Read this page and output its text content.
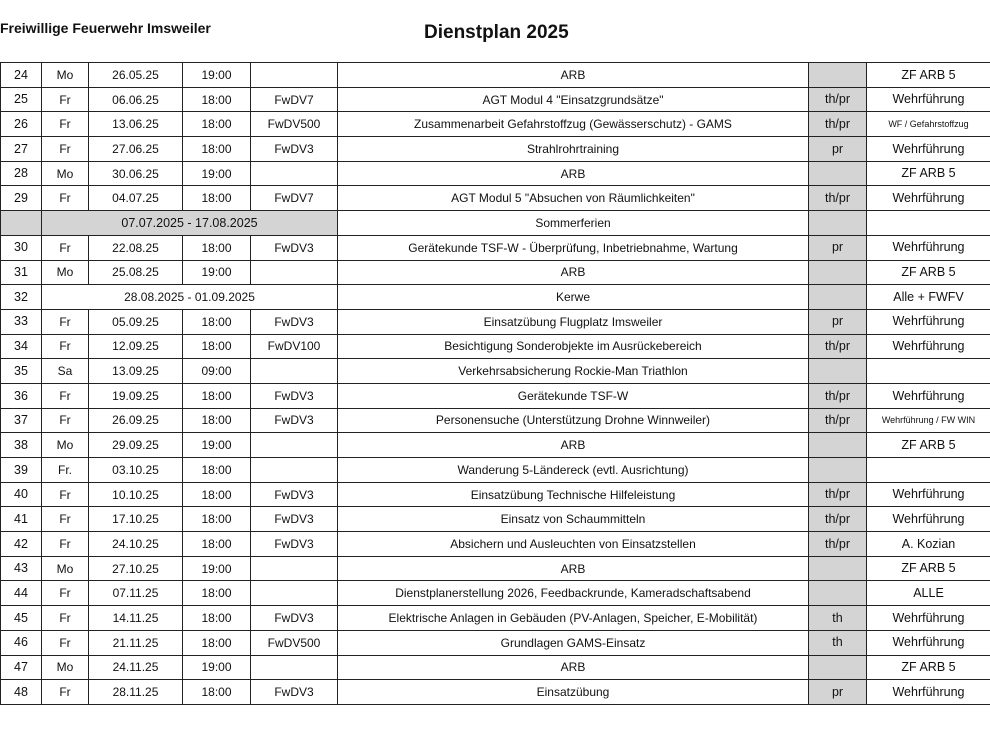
Freiwillige Feuerwehr Imsweiler	Dienstplan 2025
24	Mo	26.05.25	19:00		ARB		ZF ARB 5
25	Fr	06.06.25	18:00	FwDV7	AGT Modul 4 "Einsatzgrundsätze"	th/pr	Wehrführung
26	Fr	13.06.25	18:00	FwDV500	Zusammenarbeit Gefahrstoffzug (Gewässerschutz) - GAMS	th/pr	WF / Gefahrstoffzug
27	Fr	27.06.25	18:00	FwDV3	Strahlrohrtraining	pr	Wehrführung
28	Mo	30.06.25	19:00		ARB		ZF ARB 5
29	Fr	04.07.25	18:00	FwDV7	AGT Modul 5 "Absuchen von Räumlichkeiten"	th/pr	Wehrführung
	07.07.2025 - 17.08.2025				Sommerferien		
30	Fr	22.08.25	18:00	FwDV3	Gerätekunde TSF-W - Überprüfung, Inbetriebnahme, Wartung	pr	Wehrführung
31	Mo	25.08.25	19:00		ARB		ZF ARB 5
32	28.08.2025 - 01.09.2025				Kerwe		Alle + FWFV
33	Fr	05.09.25	18:00	FwDV3	Einsatzübung Flugplatz Imsweiler	pr	Wehrführung
34	Fr	12.09.25	18:00	FwDV100	Besichtigung Sonderobjekte im Ausrückebereich	th/pr	Wehrführung
35	Sa	13.09.25	09:00		Verkehrsabsicherung Rockie-Man Triathlon		
36	Fr	19.09.25	18:00	FwDV3	Gerätekunde TSF-W	th/pr	Wehrführung
37	Fr	26.09.25	18:00	FwDV3	Personensuche (Unterstützung Drohne Winnweiler)	th/pr	Wehrführung / FW WIN
38	Mo	29.09.25	19:00		ARB		ZF ARB 5
39	Fr.	03.10.25	18:00		Wanderung 5-Ländereck (evtl. Ausrichtung)		
40	Fr	10.10.25	18:00	FwDV3	Einsatzübung Technische Hilfeleistung	th/pr	Wehrführung
41	Fr	17.10.25	18:00	FwDV3	Einsatz von Schaummitteln	th/pr	Wehrführung
42	Fr	24.10.25	18:00	FwDV3	Absichern und Ausleuchten von Einsatzstellen	th/pr	A. Kozian
43	Mo	27.10.25	19:00		ARB		ZF ARB 5
44	Fr	07.11.25	18:00		Dienstplanerstellung 2026, Feedbackrunde, Kameradschaftsabend		ALLE
45	Fr	14.11.25	18:00	FwDV3	Elektrische Anlagen in Gebäuden (PV-Anlagen, Speicher, E-Mobilität)	th	Wehrführung
46	Fr	21.11.25	18:00	FwDV500	Grundlagen GAMS-Einsatz	th	Wehrführung
47	Mo	24.11.25	19:00		ARB		ZF ARB 5
48	Fr	28.11.25	18:00	FwDV3	Einsatzübung	pr	Wehrführung
